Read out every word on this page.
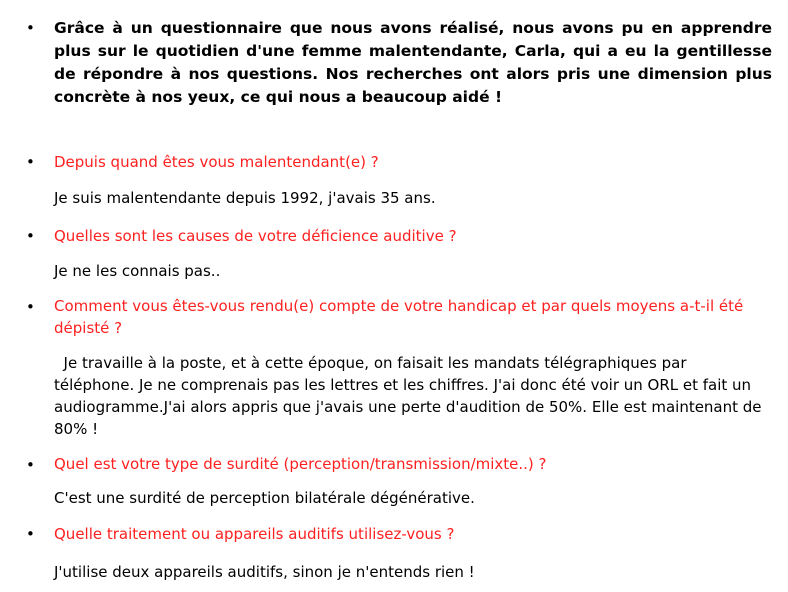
• Grâce à un questionnaire que nous avons réalisé, nous avons pu en apprendre plus sur le quotidien d'une femme malentendante, Carla, qui a eu la gentillesse de répondre à nos questions. Nos recherches ont alors pris une dimension plus concrète à nos yeux, ce qui nous a beaucoup aidé !

• Depuis quand êtes vous malentendant(e) ?
Je suis malentendante depuis 1992, j'avais 35 ans.
• Quelles sont les causes de votre déficience auditive ?
Je ne les connais pas..
• Comment vous êtes-vous rendu(e) compte de votre handicap et par quels moyens a-t-il été dépisté ?
Je travaille à la poste, et à cette époque, on faisait les mandats télégraphiques par téléphone. Je ne comprenais pas les lettres et les chiffres. J'ai donc été voir un ORL et fait un audiogramme.J'ai alors appris que j'avais une perte d'audition de 50%. Elle est maintenant de 80% !
• Quel est votre type de surdité (perception/transmission/mixte..) ?
C'est une surdité de perception bilatérale dégénérative.
• Quelle traitement ou appareils auditifs utilisez-vous ?
J'utilise deux appareils auditifs, sinon je n'entends rien !
